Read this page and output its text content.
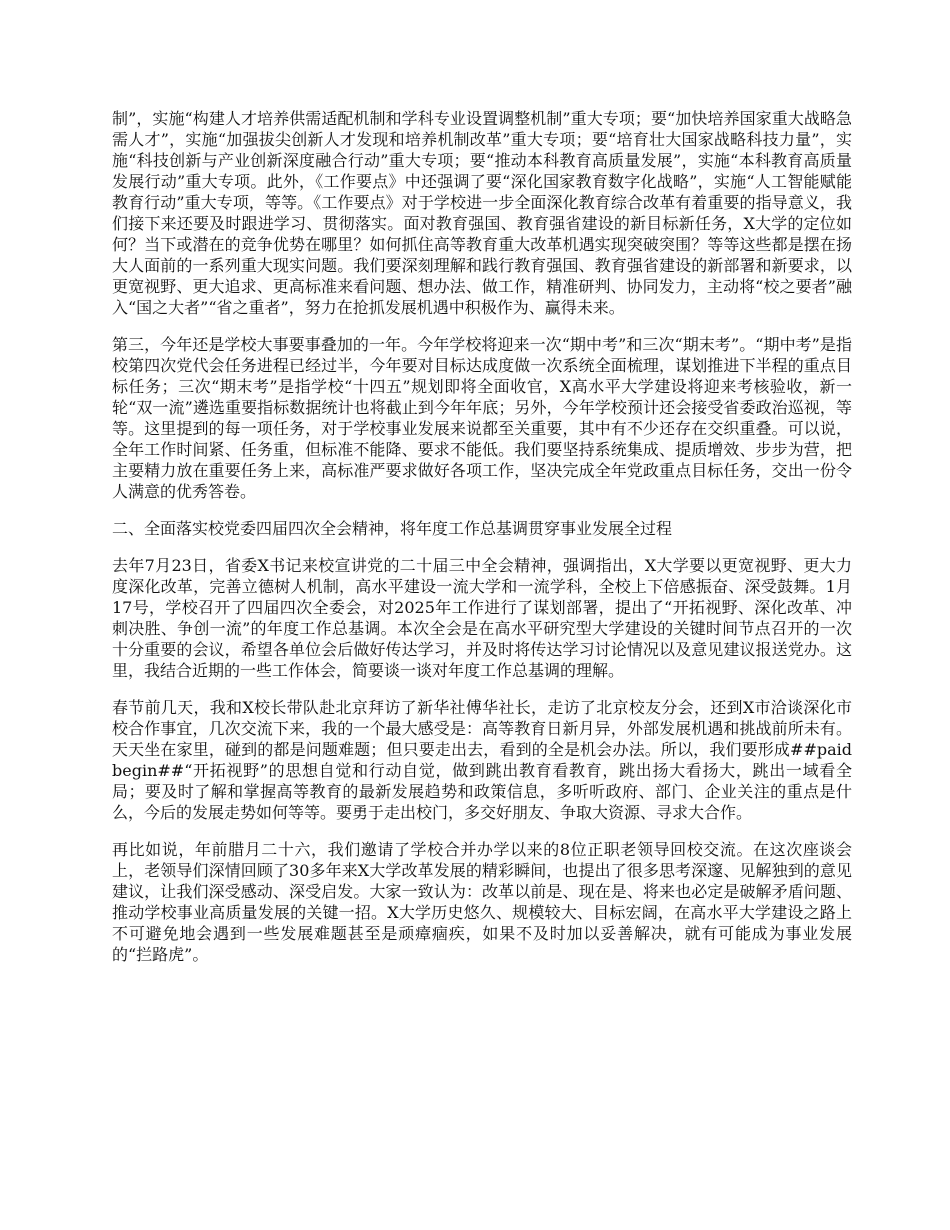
制”，实施“构建人才培养供需适配机制和学科专业设置调整机制”重大专项；要“加快培养国家重大战略急需人才”，实施“加强拔尖创新人才发现和培养机制改革”重大专项；要“培育壮大国家战略科技力量”，实施“科技创新与产业创新深度融合行动”重大专项；要“推动本科教育高质量发展”，实施“本科教育高质量发展行动”重大专项。此外，《工作要点》中还强调了要“深化国家教育数字化战略”，实施“人工智能赋能教育行动”重大专项，等等。《工作要点》对于学校进一步全面深化教育综合改革有着重要的指导意义，我们接下来还要及时跟进学习、贯彻落实。面对教育强国、教育强省建设的新目标新任务，X大学的定位如何？当下或潜在的竞争优势在哪里？如何抓住高等教育重大改革机遇实现突破突围？等等这些都是摆在扬大人面前的一系列重大现实问题。我们要深刻理解和践行教育强国、教育强省建设的新部署和新要求，以更宽视野、更大追求、更高标准来看问题、想办法、做工作，精准研判、协同发力，主动将“校之要者”融入“国之大者”“省之重者”，努力在抢抓发展机遇中积极作为、赢得未来。

第三，今年还是学校大事要事叠加的一年。今年学校将迎来一次“期中考”和三次“期末考”。“期中考”是指校第四次党代会任务进程已经过半，今年要对目标达成度做一次系统全面梳理，谋划推进下半程的重点目标任务；三次“期末考”是指学校“十四五”规划即将全面收官，X高水平大学建设将迎来考核验收，新一轮“双一流”遴选重要指标数据统计也将截止到今年年底；另外，今年学校预计还会接受省委政治巡视，等等。这里提到的每一项任务，对于学校事业发展来说都至关重要，其中有不少还存在交织重叠。可以说，全年工作时间紧、任务重，但标准不能降、要求不能低。我们要坚持系统集成、提质增效、步步为营，把主要精力放在重要任务上来，高标准严要求做好各项工作，坚决完成全年党政重点目标任务，交出一份令人满意的优秀答卷。

二、全面落实校党委四届四次全会精神，将年度工作总基调贯穿事业发展全过程

去年7月23日，省委X书记来校宣讲党的二十届三中全会精神，强调指出，X大学要以更宽视野、更大力度深化改革，完善立德树人机制，高水平建设一流大学和一流学科，全校上下倍感振奋、深受鼓舞。1月17号，学校召开了四届四次全委会，对2025年工作进行了谋划部署，提出了“开拓视野、深化改革、冲刺决胜、争创一流”的年度工作总基调。本次全会是在高水平研究型大学建设的关键时间节点召开的一次十分重要的会议，希望各单位会后做好传达学习，并及时将传达学习讨论情况以及意见建议报送党办。这里，我结合近期的一些工作体会，简要谈一谈对年度工作总基调的理解。

春节前几天，我和X校长带队赴北京拜访了新华社傅华社长，走访了北京校友分会，还到X市洽谈深化市校合作事宜，几次交流下来，我的一个最大感受是：高等教育日新月异，外部发展机遇和挑战前所未有。天天坐在家里，碰到的都是问题难题；但只要走出去，看到的全是机会办法。所以，我们要形成##paidbegin##“开拓视野”的思想自觉和行动自觉，做到跳出教育看教育，跳出扬大看扬大，跳出一域看全局；要及时了解和掌握高等教育的最新发展趋势和政策信息，多听听政府、部门、企业关注的重点是什么，今后的发展走势如何等等。要勇于走出校门，多交好朋友、争取大资源、寻求大合作。

再比如说，年前腊月二十六，我们邀请了学校合并办学以来的8位正职老领导回校交流。在这次座谈会上，老领导们深情回顾了30多年来X大学改革发展的精彩瞬间，也提出了很多思考深邃、见解独到的意见建议，让我们深受感动、深受启发。大家一致认为：改革以前是、现在是、将来也必定是破解矛盾问题、推动学校事业高质量发展的关键一招。X大学历史悠久、规模较大、目标宏阔，在高水平大学建设之路上不可避免地会遇到一些发展难题甚至是顽瘴痼疾，如果不及时加以妥善解决，就有可能成为事业发展的“拦路虎”。
